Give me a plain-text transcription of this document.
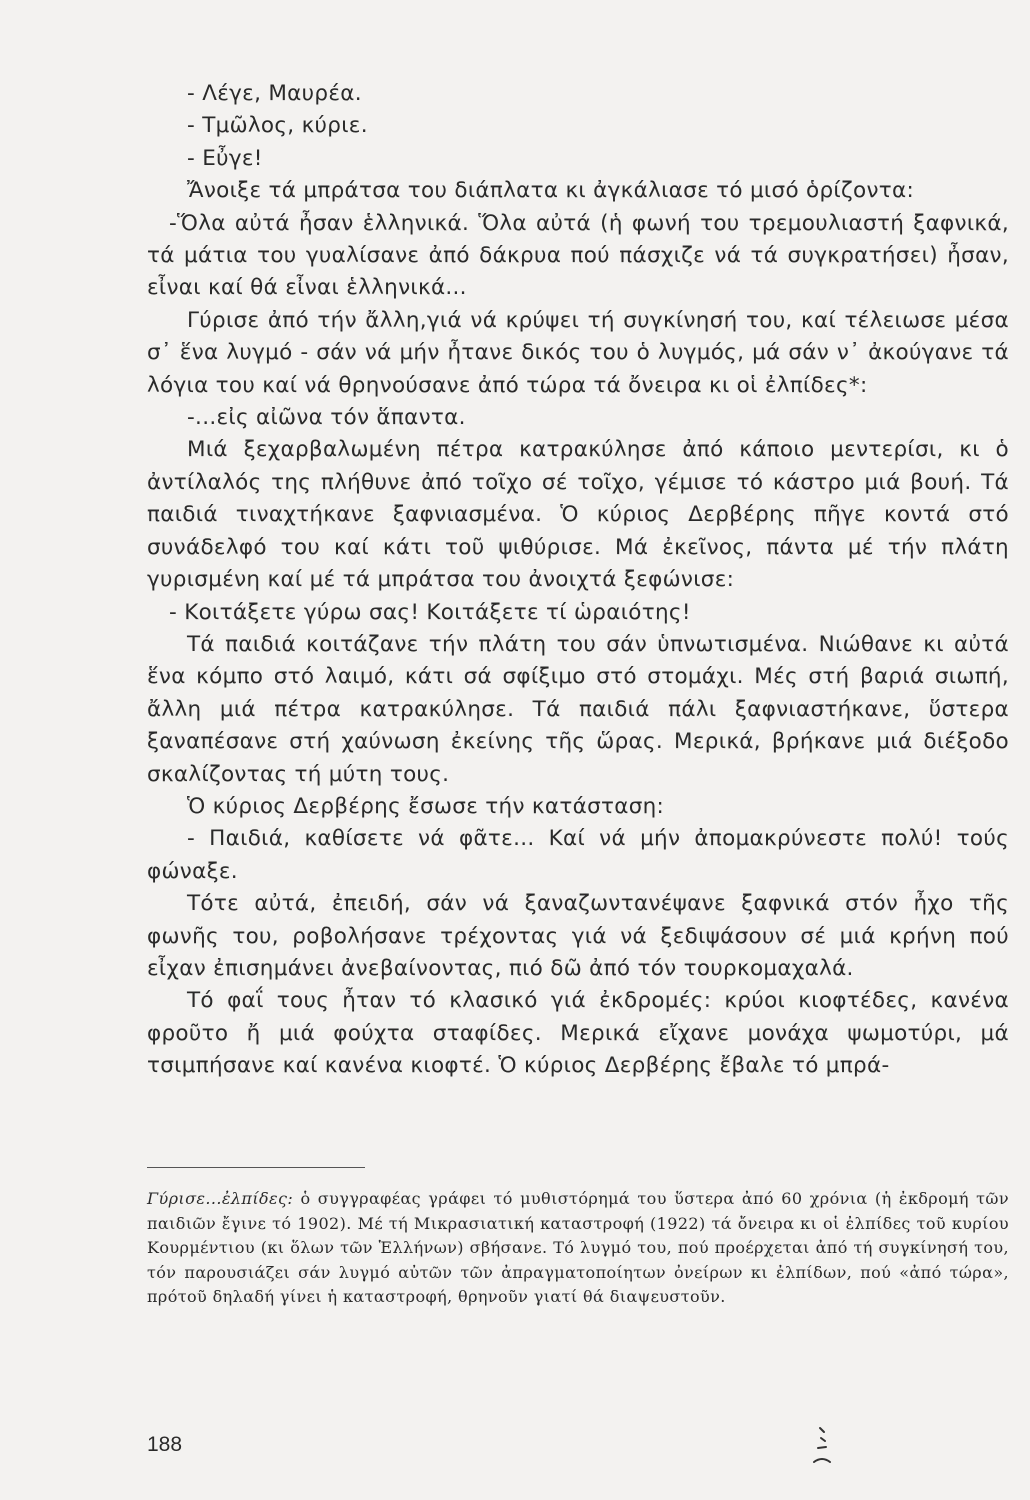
- Λέγε, Μαυρέα.

- Τμῶλος, κύριε.

- Εὖγε!

Ἄνοιξε τά μπράτσα του διάπλατα κι ἀγκάλιασε τό μισό ὁρίζοντα:

-Ὅλα αὐτά ἦσαν ἑλληνικά. Ὅλα αὐτά (ἡ φωνή του τρεμουλιαστή ξαφνικά, τά μάτια του γυαλίσανε ἀπό δάκρυα πού πάσχιζε νά τά συγκρατήσει) ἦσαν, εἶναι καί θά εἶναι ἑλληνικά...

Γύρισε ἀπό τήν ἄλλη,γιά νά κρύψει τή συγκίνησή του, καί τέλειωσε μέσα σ᾽ ἕνα λυγμό - σάν νά μήν ἦτανε δικός του ὁ λυγμός, μά σάν ν᾽ ἀκούγανε τά λόγια του καί νά θρηνούσανε ἀπό τώρα τά ὄνειρα κι οἱ ἐλπίδες*:

-...εἰς αἰῶνα τόν ἅπαντα.

Μιά ξεχαρβαλωμένη πέτρα κατρακύλησε ἀπό κάποιο μεντερίσι, κι ὁ ἀντίλαλός της πλήθυνε ἀπό τοῖχο σέ τοῖχο, γέμισε τό κάστρο μιά βουή. Τά παιδιά τιναχτήκανε ξαφνιασμένα. Ὁ κύριος Δερβέρης πῆγε κοντά στό συνάδελφό του καί κάτι τοῦ ψιθύρισε. Μά ἐκεῖνος, πάντα μέ τήν πλάτη γυρισμένη καί μέ τά μπράτσα του ἀνοιχτά ξεφώνισε:

- Κοιτάξετε γύρω σας! Κοιτάξετε τί ὡραιότης!

Τά παιδιά κοιτάζανε τήν πλάτη του σάν ὑπνωτισμένα. Νιώθανε κι αὐτά ἕνα κόμπο στό λαιμό, κάτι σά σφίξιμο στό στομάχι. Μές στή βαριά σιωπή, ἄλλη μιά πέτρα κατρακύλησε. Τά παιδιά πάλι ξαφνιαστήκανε, ὕστερα ξαναπέσανε στή χαύνωση ἐκείνης τῆς ὥρας. Μερικά, βρήκανε μιά διέξοδο σκαλίζοντας τή μύτη τους.

Ὁ κύριος Δερβέρης ἔσωσε τήν κατάσταση:

- Παιδιά, καθίσετε νά φᾶτε... Καί νά μήν ἀπομακρύνεστε πολύ! τούς φώναξε.

Τότε αὐτά, ἐπειδή, σάν νά ξαναζωντανέψανε ξαφνικά στόν ἦχο τῆς φωνῆς του, ροβολήσανε τρέχοντας γιά νά ξεδιψάσουν σέ μιά κρήνη πού εἶχαν ἐπισημάνει ἀνεβαίνοντας, πιό δῶ ἀπό τόν τουρκομαχαλά.

Τό φαΐ τους ἦταν τό κλασικό γιά ἐκδρομές: κρύοι κιοφτέδες, κανένα φροῦτο ἤ μιά φούχτα σταφίδες. Μερικά εἴχανε μονάχα ψωμοτύρι, μά τσιμπήσανε καί κανένα κιοφτέ. Ὁ κύριος Δερβέρης ἔβαλε τό μπρά-

Γύρισε...ἐλπίδες: ὁ συγγραφέας γράφει τό μυθιστόρημά του ὕστερα ἀπό 60 χρόνια (ἡ ἐκδρομή τῶν παιδιῶν ἔγινε τό 1902). Μέ τή Μικρασιατική καταστροφή (1922) τά ὄνειρα κι οἱ ἐλπίδες τοῦ κυρίου Κουρμέντιου (κι ὅλων τῶν Ἑλλήνων) σβήσανε. Τό λυγμό του, πού προέρχεται ἀπό τή συγκίνησή του, τόν παρουσιάζει σάν λυγμό αὐτῶν τῶν ἀπραγματοποίητων ὀνείρων κι ἐλπίδων, πού «ἀπό τώρα», πρότοῦ δηλαδή γίνει ἡ καταστροφή, θρηνοῦν γιατί θά διαψευστοῦν.
188
